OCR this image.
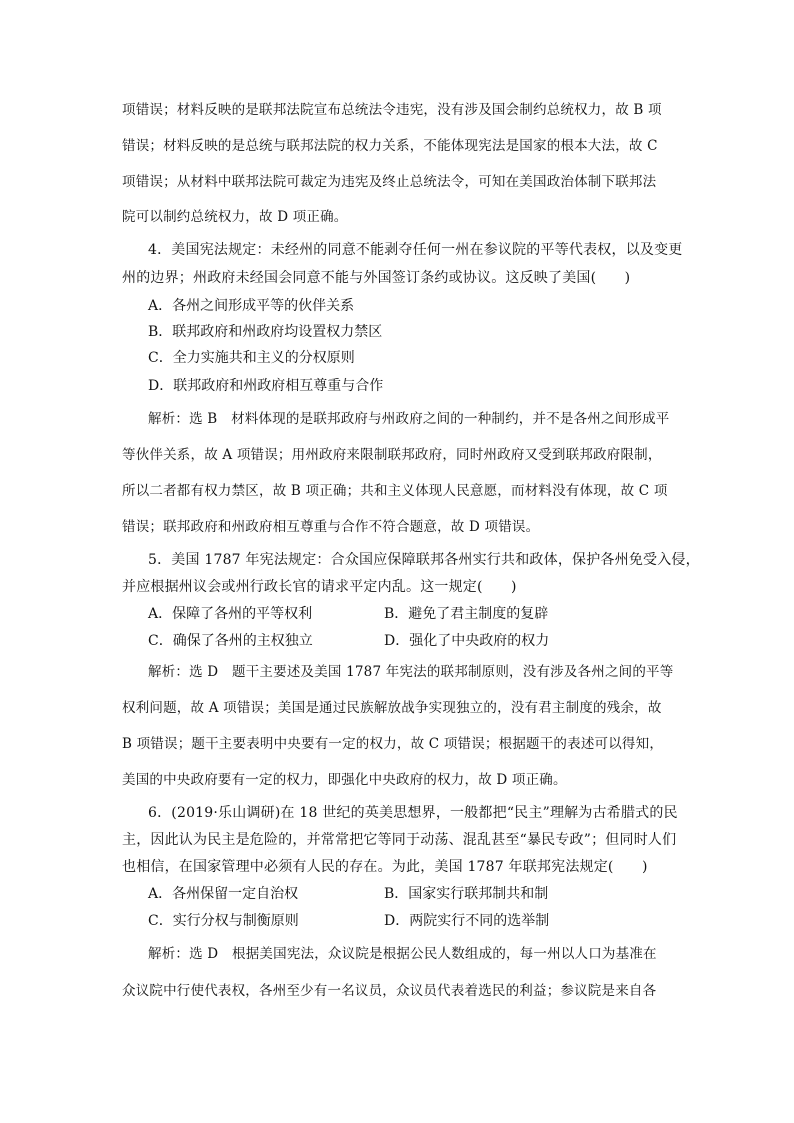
项错误；材料反映的是联邦法院宣布总统法令违宪，没有涉及国会制约总统权力，故 B 项
错误；材料反映的是总统与联邦法院的权力关系，不能体现宪法是国家的根本大法，故 C
项错误；从材料中联邦法院可裁定为违宪及终止总统法令，可知在美国政治体制下联邦法
院可以制约总统权力，故 D 项正确。
4．美国宪法规定：未经州的同意不能剥夺任何一州在参议院的平等代表权，以及变更
州的边界；州政府未经国会同意不能与外国签订条约或协议。这反映了美国(　　)
A．各州之间形成平等的伙伴关系
B．联邦政府和州政府均设置权力禁区
C．全力实施共和主义的分权原则
D．联邦政府和州政府相互尊重与合作
解析：选 B　材料体现的是联邦政府与州政府之间的一种制约，并不是各州之间形成平
等伙伴关系，故 A 项错误；用州政府来限制联邦政府，同时州政府又受到联邦政府限制，
所以二者都有权力禁区，故 B 项正确；共和主义体现人民意愿，而材料没有体现，故 C 项
错误；联邦政府和州政府相互尊重与合作不符合题意，故 D 项错误。
5．美国 1787 年宪法规定：合众国应保障联邦各州实行共和政体，保护各州免受入侵，
并应根据州议会或州行政长官的请求平定内乱。这一规定(　　)
A．保障了各州的平等权利	B．避免了君主制度的复辟
C．确保了各州的主权独立	D．强化了中央政府的权力
解析：选 D　题干主要述及美国 1787 年宪法的联邦制原则，没有涉及各州之间的平等
权利问题，故 A 项错误；美国是通过民族解放战争实现独立的，没有君主制度的残余，故
B 项错误；题干主要表明中央要有一定的权力，故 C 项错误；根据题干的表述可以得知，
美国的中央政府要有一定的权力，即强化中央政府的权力，故 D 项正确。
6．(2019·乐山调研)在 18 世纪的英美思想界，一般都把“民主”理解为古希腊式的民
主，因此认为民主是危险的，并常常把它等同于动荡、混乱甚至“暴民专政”；但同时人们
也相信，在国家管理中必须有人民的存在。为此，美国 1787 年联邦宪法规定(　　)
A．各州保留一定自治权	B．国家实行联邦制共和制
C．实行分权与制衡原则	D．两院实行不同的选举制
解析：选 D　根据美国宪法，众议院是根据公民人数组成的，每一州以人口为基准在
众议院中行使代表权，各州至少有一名议员，众议员代表着选民的利益；参议院是来自各
